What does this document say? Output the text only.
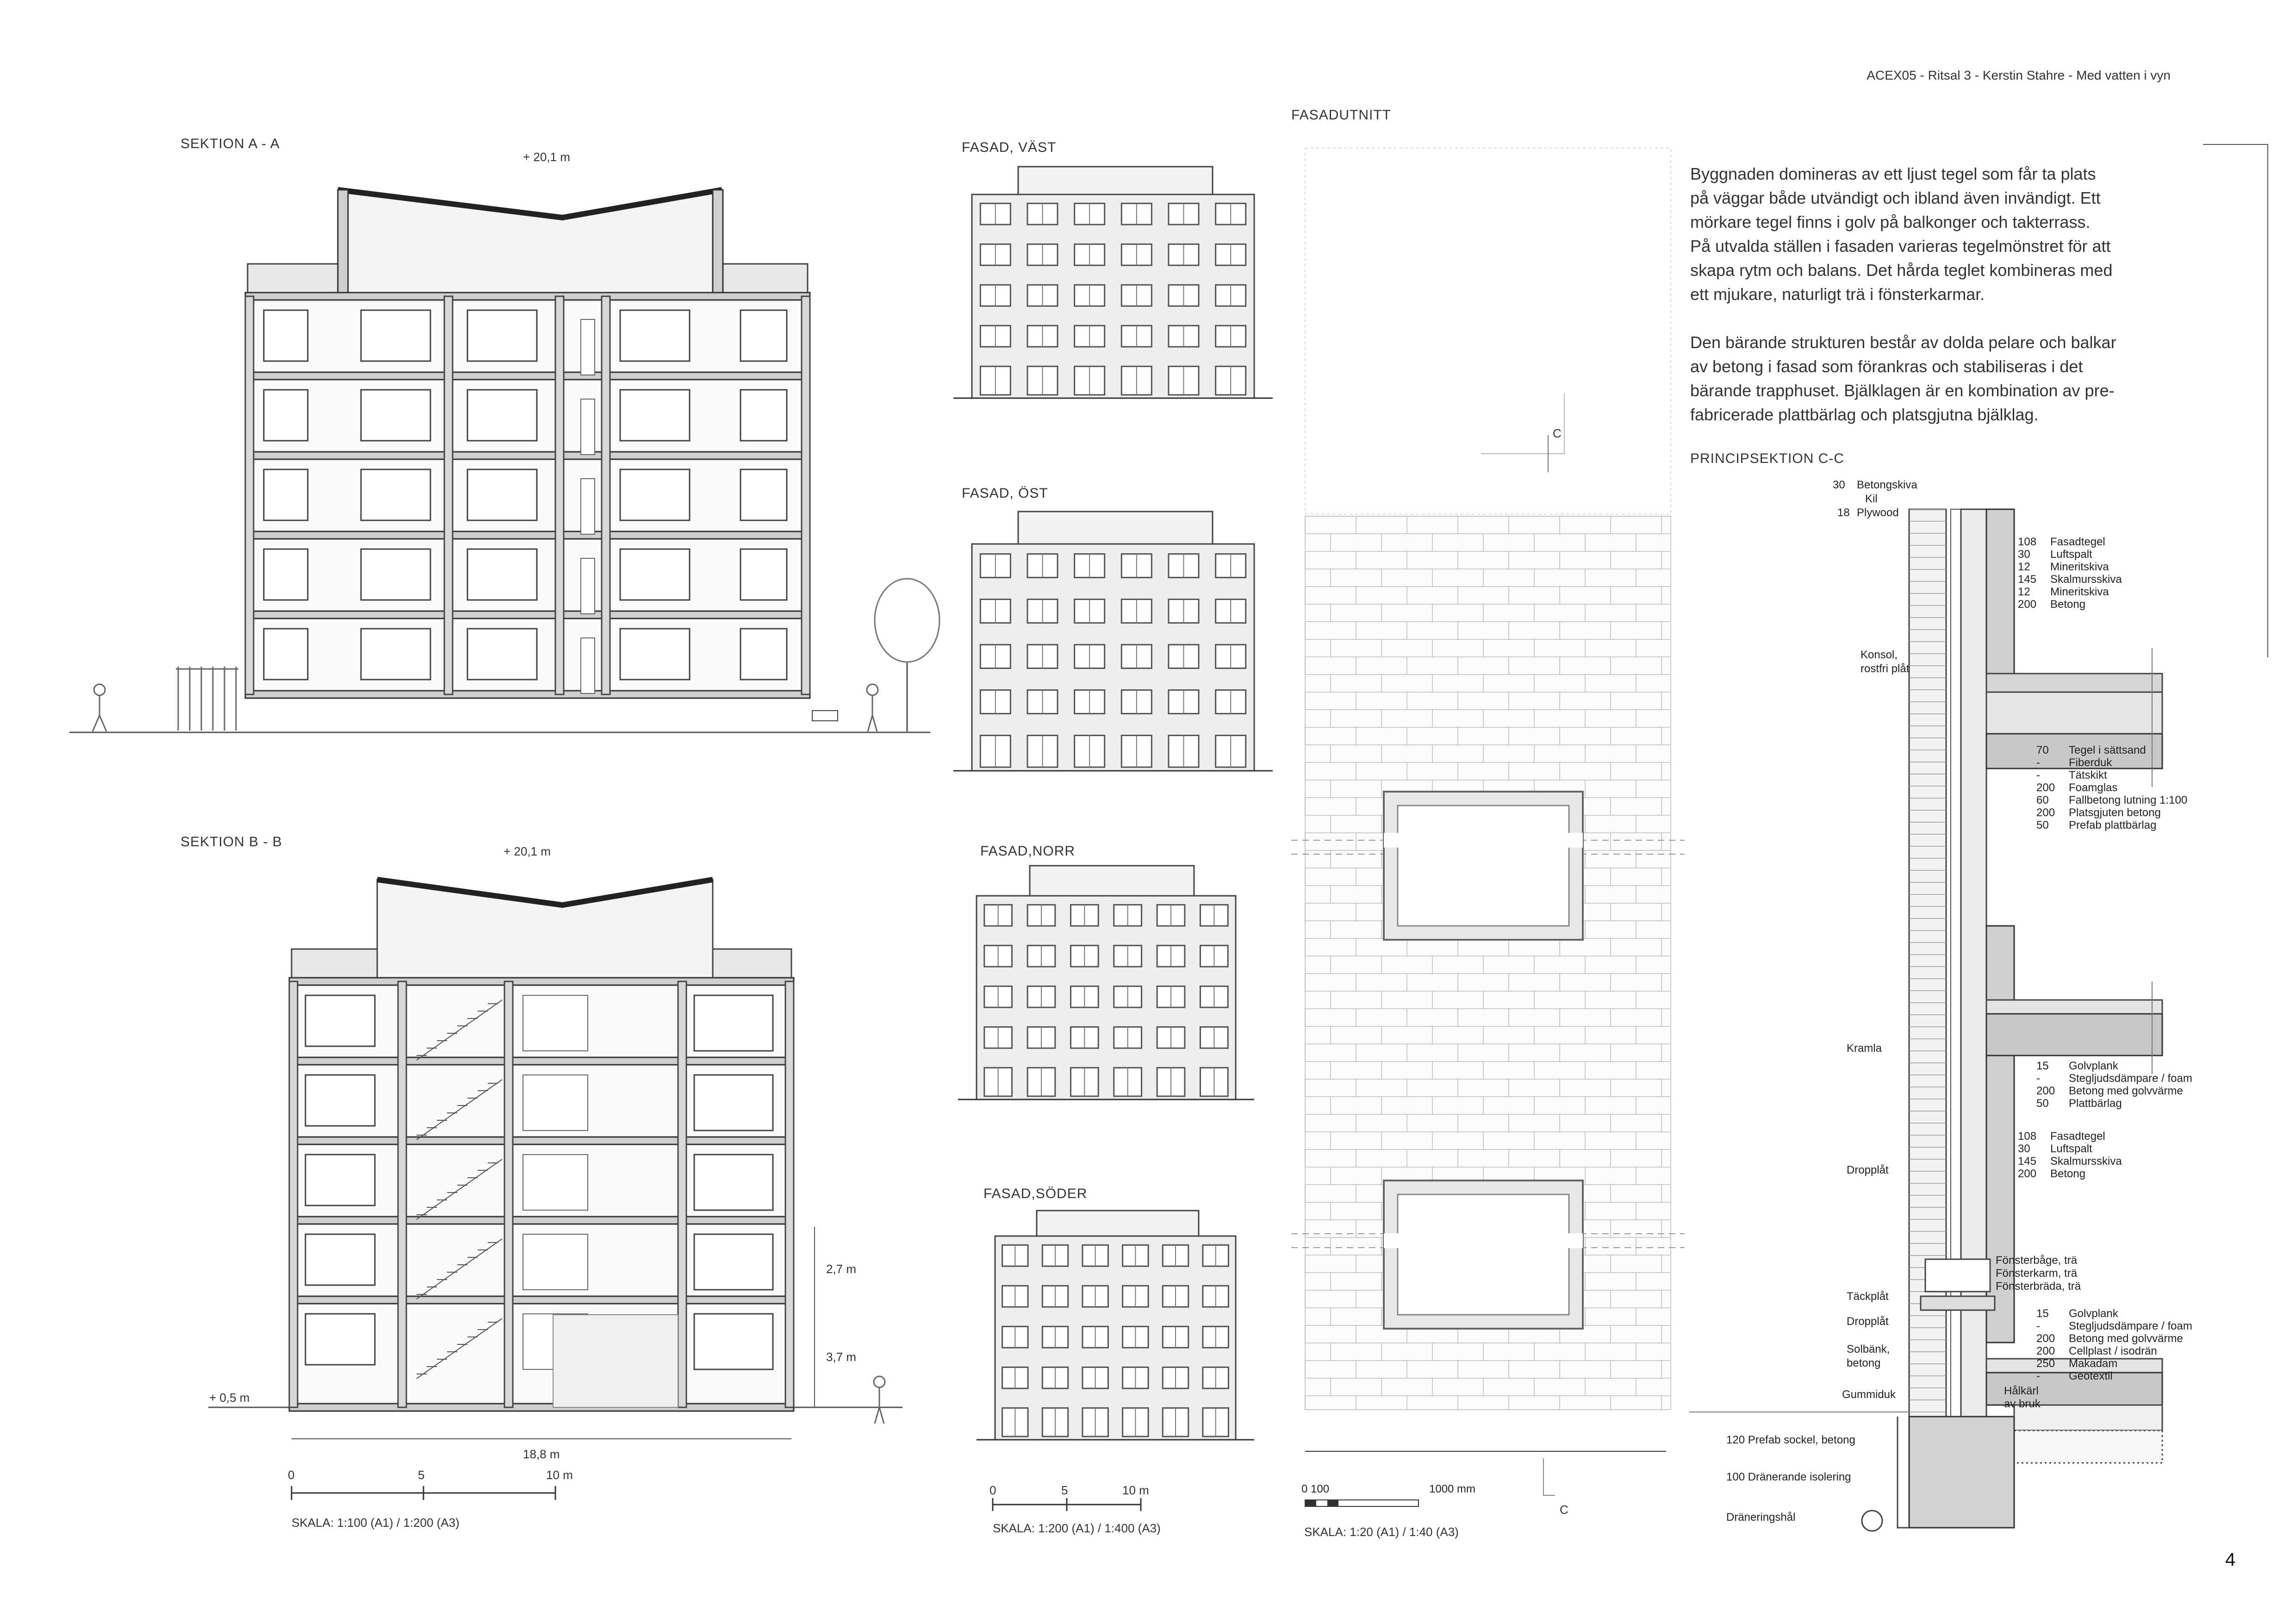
ACEX05 - Ritsal 3 - Kerstin Stahre - Med vatten i vyn
4
SEKTION A - A
+ 20,1 m
SEKTION B - B
+ 20,1 m
+ 0,5 m
2,7 m
3,7 m
18,8 m
0	5	10 m
SKALA: 1:100 (A1) / 1:200 (A3)
FASAD, VÄST
FASAD, ÖST
FASAD,NORR
FASAD,SÖDER
0	5	10 m
SKALA: 1:200 (A1) / 1:400 (A3)
FASADUTNITT
C
0 100	1000 mm
C
SKALA: 1:20 (A1) / 1:40 (A3)
Byggnaden domineras av ett ljust tegel som får ta plats
på väggar både utvändigt och ibland även invändigt. Ett
mörkare tegel finns i golv på balkonger och takterrass.
På utvalda ställen i fasaden varieras tegelmönstret för att
skapa rytm och balans. Det hårda teglet kombineras med
ett mjukare, naturligt trä i fönsterkarmar.
Den bärande strukturen består av dolda pelare och balkar
av betong i fasad som förankras och stabiliseras i det
bärande trapphuset. Bjälklagen är en kombination av pre-
fabricerade plattbärlag och platsgjutna bjälklag.
PRINCIPSEKTION C-C
30 Betongskiva
Kil
18 Plywood
Konsol,
rostfri plåt
Kramla
Dropplåt
Täckplåt
Dropplåt
Solbänk,
betong
Gummiduk
120 Prefab sockel, betong
100 Dränerande isolering
Dräneringshål
Hålkärl
av bruk
108 Fasadtegel
30 Luftspalt
12 Mineritskiva
145 Skalmursskiva
12 Mineritskiva
200 Betong
70 Tegel i sättsand
-	Fiberduk
-	Tätskikt
200 Foamglas
60 Fallbetong lutning 1:100
200 Platsgjuten betong
50 Prefab plattbärlag
15 Golvplank
-	Stegljudsdämpare / foam
200 Betong med golvvärme
50 Plattbärlag
108 Fasadtegel
30 Luftspalt
145 Skalmursskiva
200 Betong
15 Golvplank
-	Stegljudsdämpare / foam
200 Betong med golvvärme
200 Cellplast / isodrän
250 Makadam
-	Geotextil
Fönsterbåge, trä
Fönsterkarm, trä
Fönsterbräda, trä
